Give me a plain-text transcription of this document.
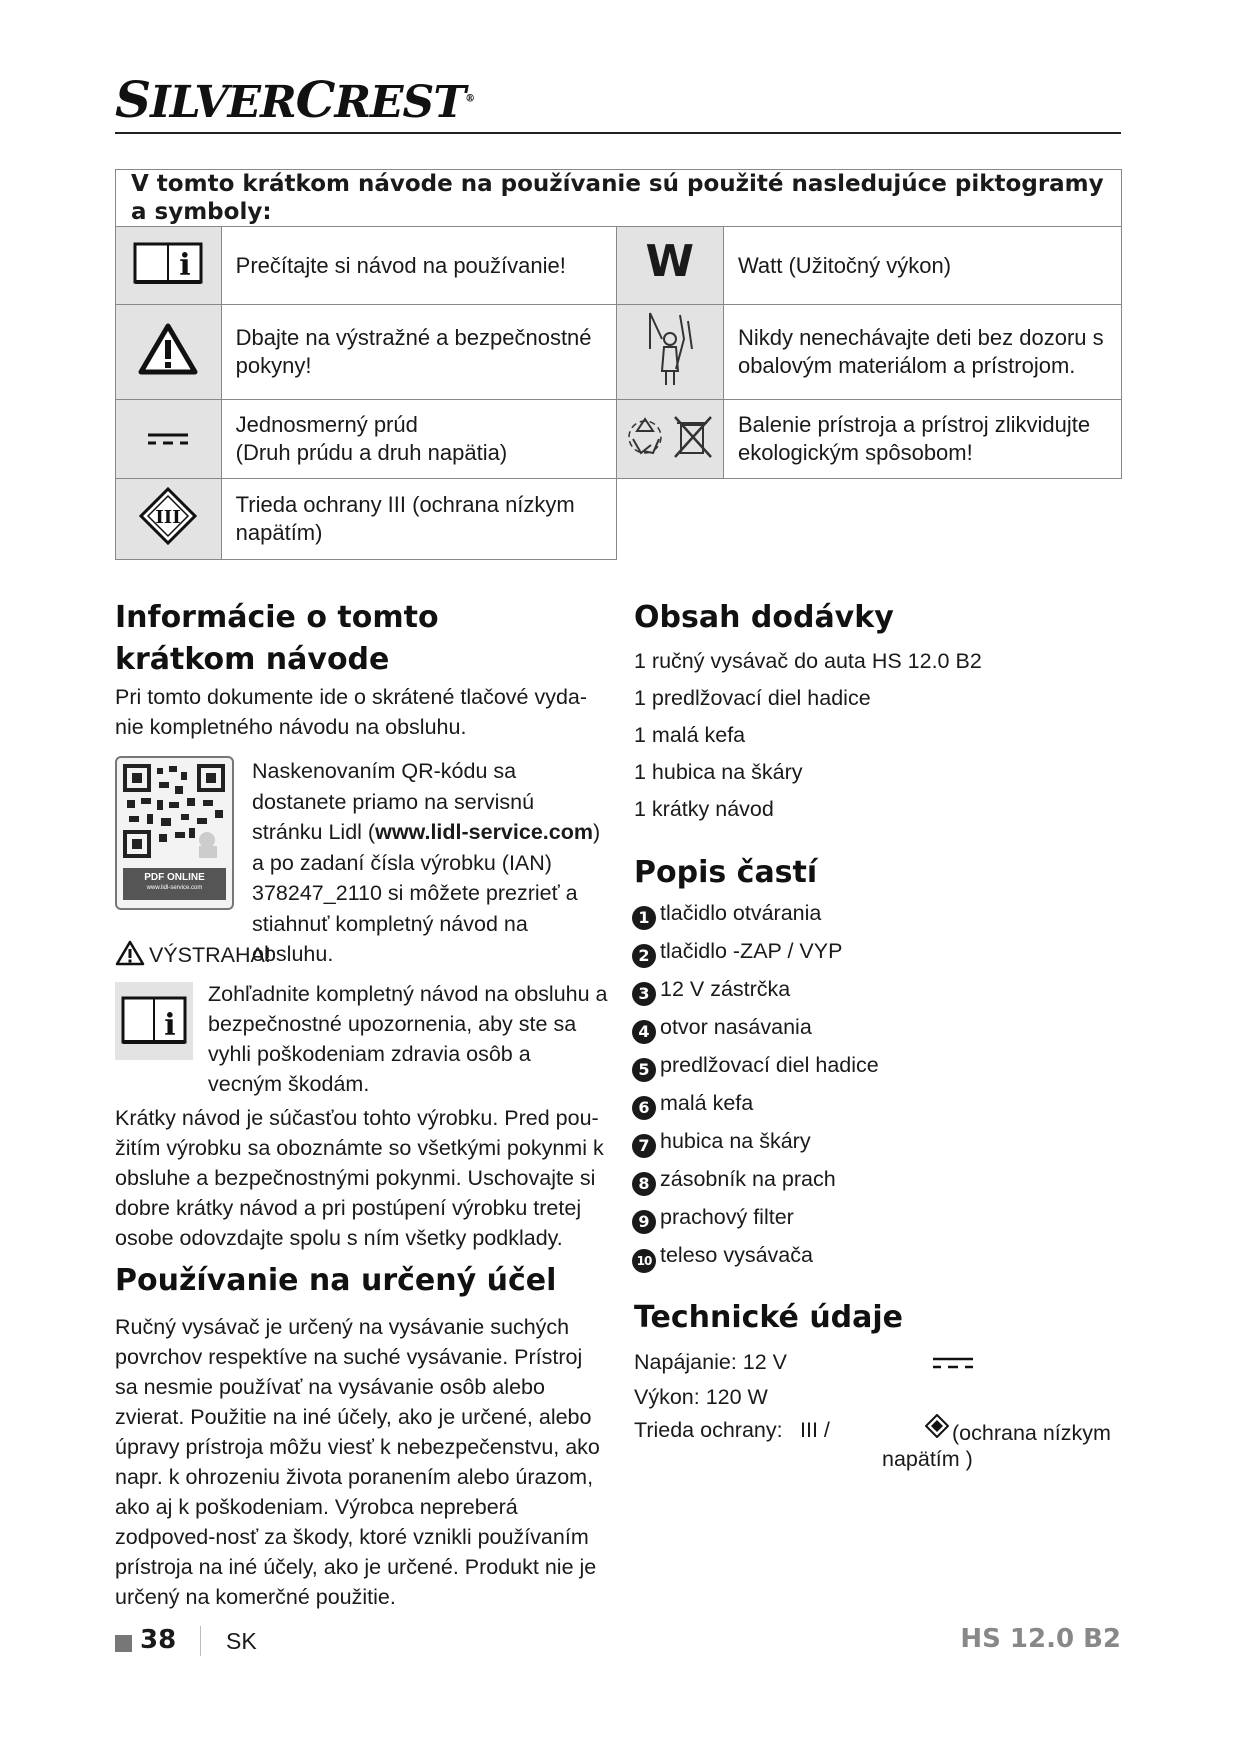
SILVERCREST®
V tomto krátkom návode na používanie sú použité nasledujúce piktogramy a symboly:			

i	Prečítajte si návod na používanie!	W	Watt (Užitočný výkon)
	Dbajte na výstražné a bezpečnostné pokyny!		Nikdy nenechávajte deti bez dozoru s obalovým materiálom a prístrojom.

Jednosmerný prúd
(Druh prúdu a druh napätia)		Balenie prístroja a prístroj zlikvidujte ekologickým spôsobom!

III	Trieda ochrany III (ochrana nízkym napätím)		
Informácie o tomto krátkom návode

Pri tomto dokumente ide o skrátené tlačové vyda-nie kompletného návodu na obsluhu.

PDF ONLINE
www.lidl-service.com

Naskenovaním QR-kódu sa dostanete priamo na servisnú stránku Lidl (www.lidl-service.com) a po zadaní čísla výrobku (IAN) 378247_2110 si môžete prezrieť a stiahnuť kompletný návod na obsluhu.

VÝSTRAHA!
i

Zohľadnite kompletný návod na obsluhu a bezpečnostné upozornenia, aby ste sa vyhli poškodeniam zdravia osôb a vecným škodám.

Krátky návod je súčasťou tohto výrobku. Pred pou-žitím výrobku sa oboznámte so všetkými pokynmi k obsluhe a bezpečnostnými pokynmi. Uschovajte si dobre krátky návod a pri postúpení výrobku tretej osobe odovzdajte spolu s ním všetky podklady.

Používanie na určený účel

Ručný vysávač je určený na vysávanie suchých povrchov respektíve na suché vysávanie. Prístroj sa nesmie používať na vysávanie osôb alebo zvierat. Použitie na iné účely, ako je určené, alebo úpravy prístroja môžu viesť k nebezpečenstvu, ako napr. k ohrozeniu života poranením alebo úrazom, ako aj k poškodeniam. Výrobca nepreberá zodpoved-nosť za škody, ktoré vznikli používaním prístroja na iné účely, ako je určené. Produkt nie je určený na komerčné použitie.

Obsah dodávky
1 ručný vysávač do auta HS 12.0 B2
1 predlžovací diel hadice
1 malá kefa
1 hubica na škáry
1 krátky návod
Popis častí
1 tlačidlo otvárania
2 tlačidlo -ZAP / VYP
3 12 V zástrčka
4 otvor nasávania
5 predlžovací diel hadice
6 malá kefa
7 hubica na škáry
8 zásobník na prach
9 prachový filter
10 teleso vysávača
Technické údaje
Napájanie: 12 V
Výkon: 120 W
Trieda ochrany: III /	(ochrana nízkym napätím )
38 SK	HS 12.0 B2
